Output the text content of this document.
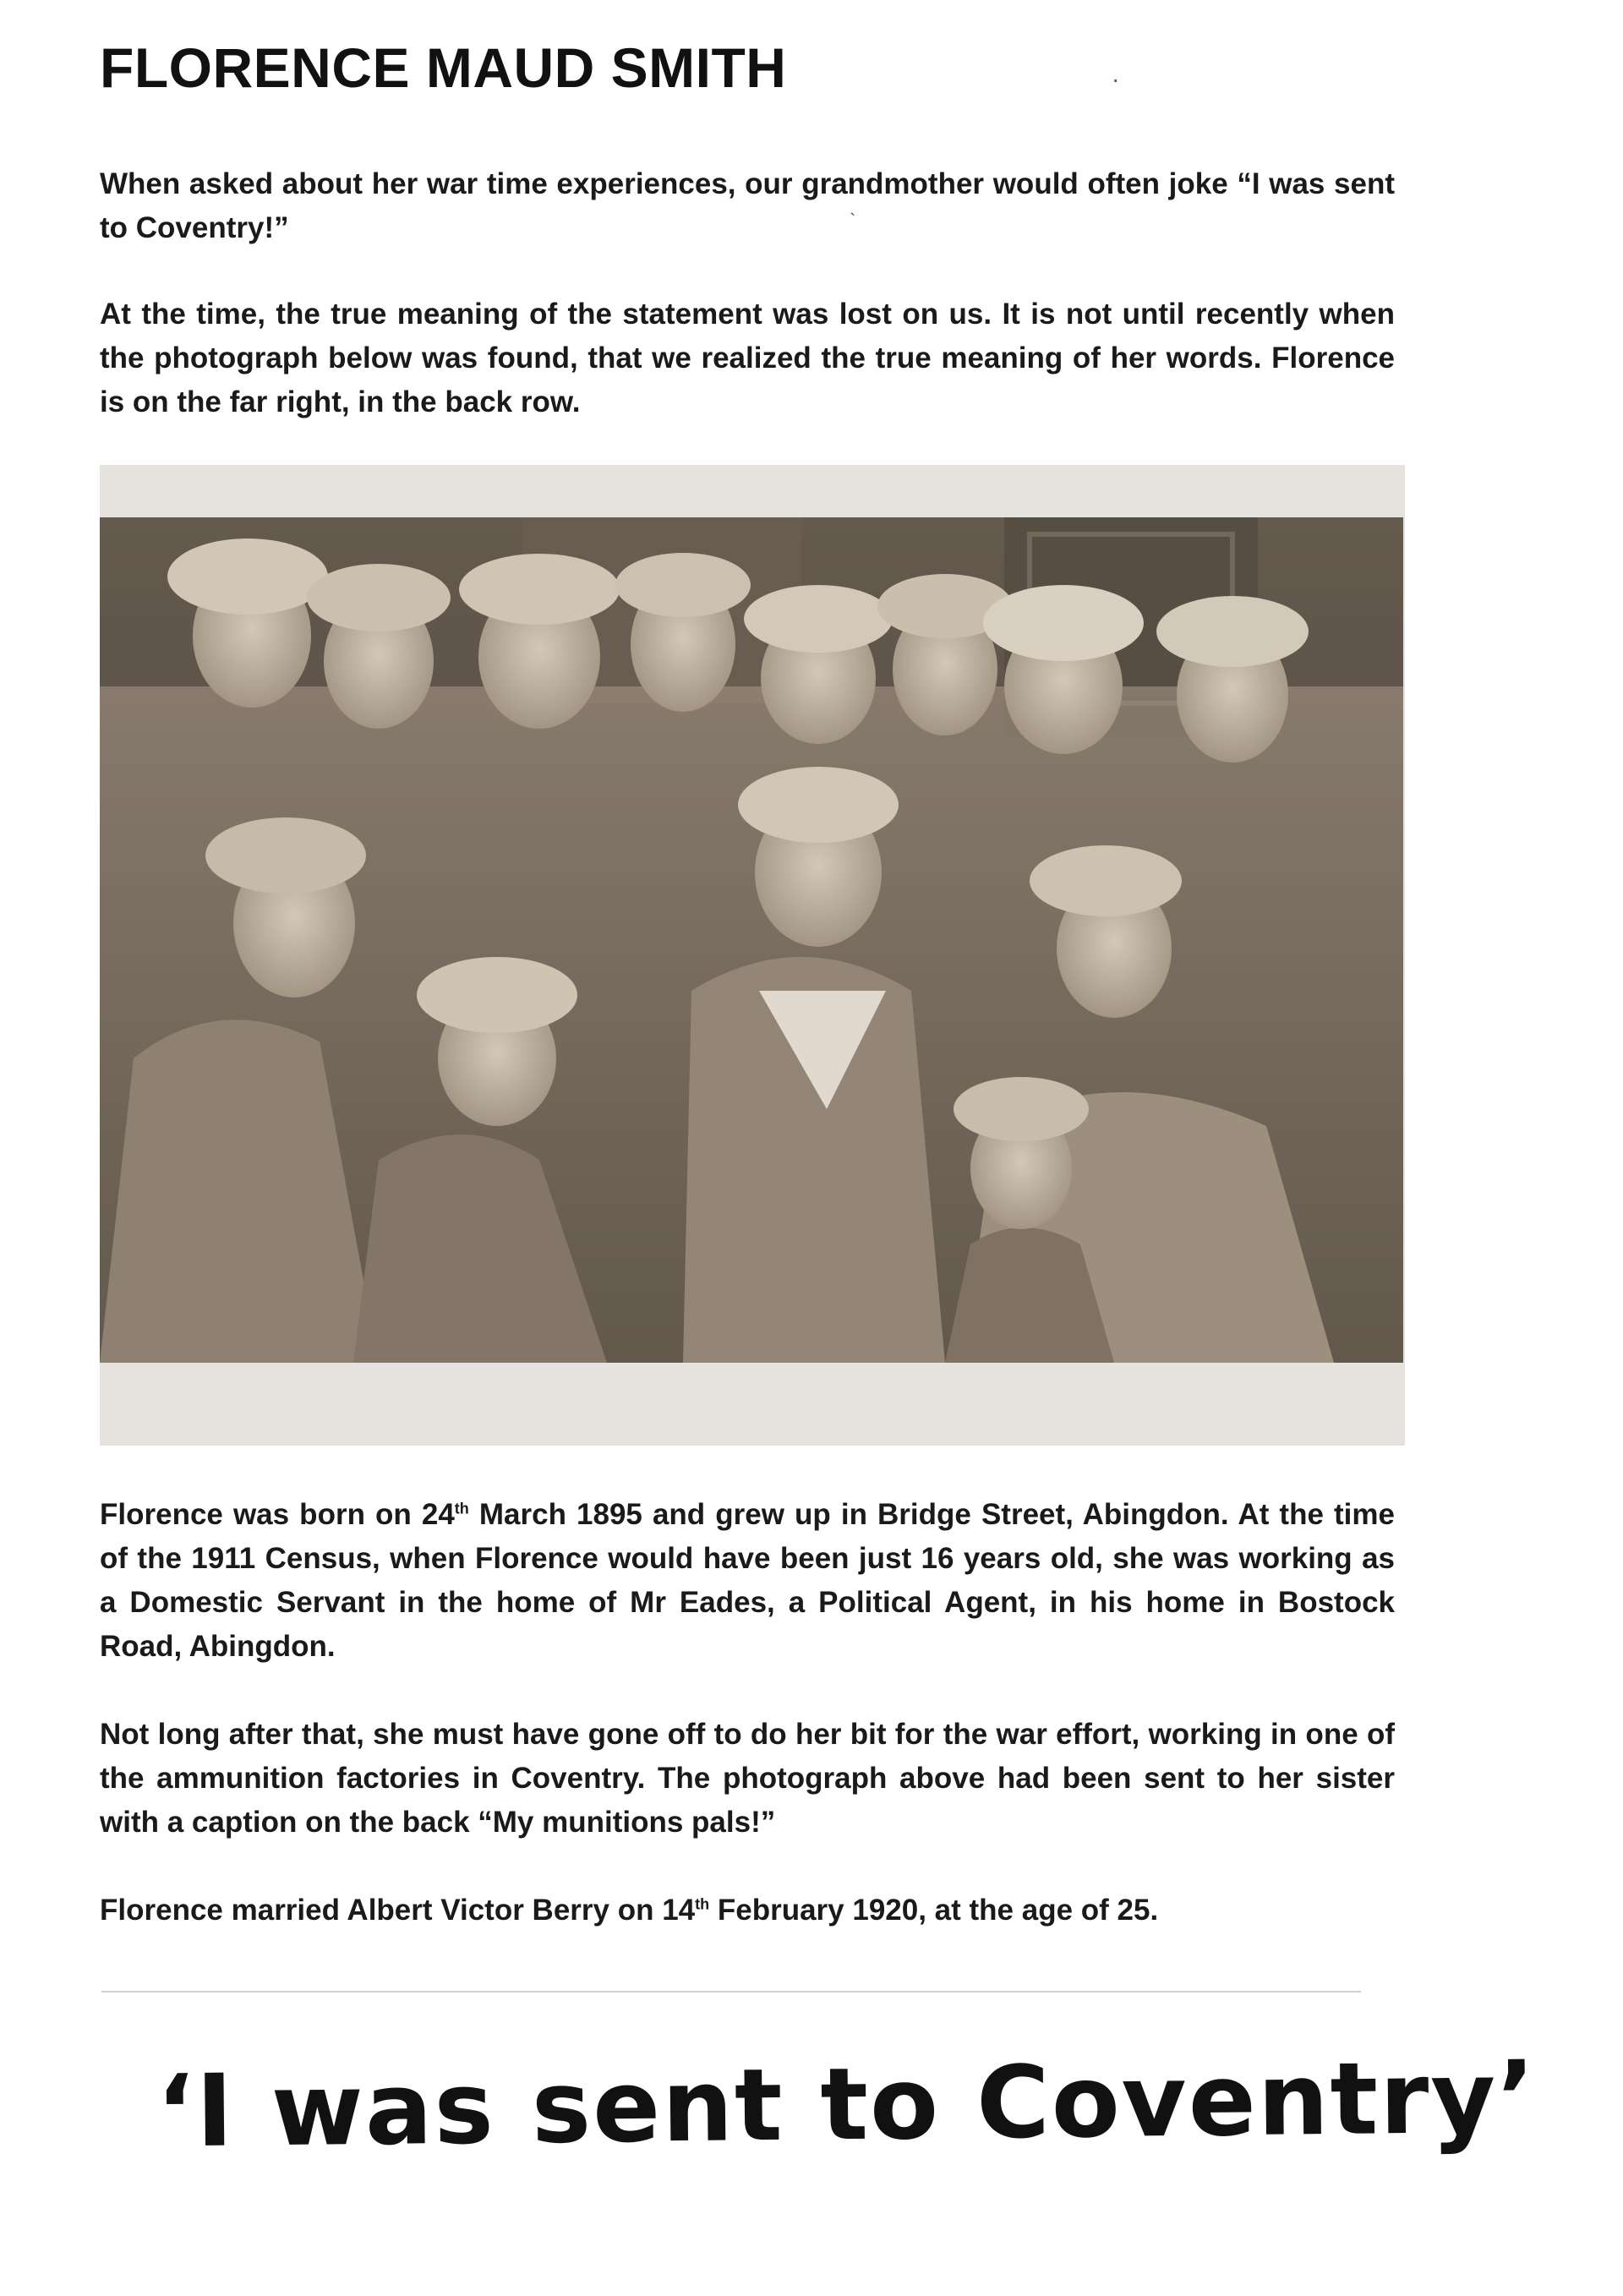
FLORENCE MAUD SMITH	·
`

When asked about her war time experiences, our grandmother would often joke “I was sent to Coventry!”

At the time, the true meaning of the statement was lost on us. It is not until recently when the photograph below was found, that we realized the true meaning of her words. Florence is on the far right, in the back row.

Florence was born on 24th March 1895 and grew up in Bridge Street, Abingdon. At the time of the 1911 Census, when Florence would have been just 16 years old, she was working as a Domestic Servant in the home of Mr Eades, a Political Agent, in his home in Bostock Road, Abingdon.

Not long after that, she must have gone off to do her bit for the war effort, working in one of the ammunition factories in Coventry. The photograph above had been sent to her sister with a caption on the back “My munitions pals!”

Florence married Albert Victor Berry on 14th February 1920, at the age of 25.

‘I was sent to Coventry’
